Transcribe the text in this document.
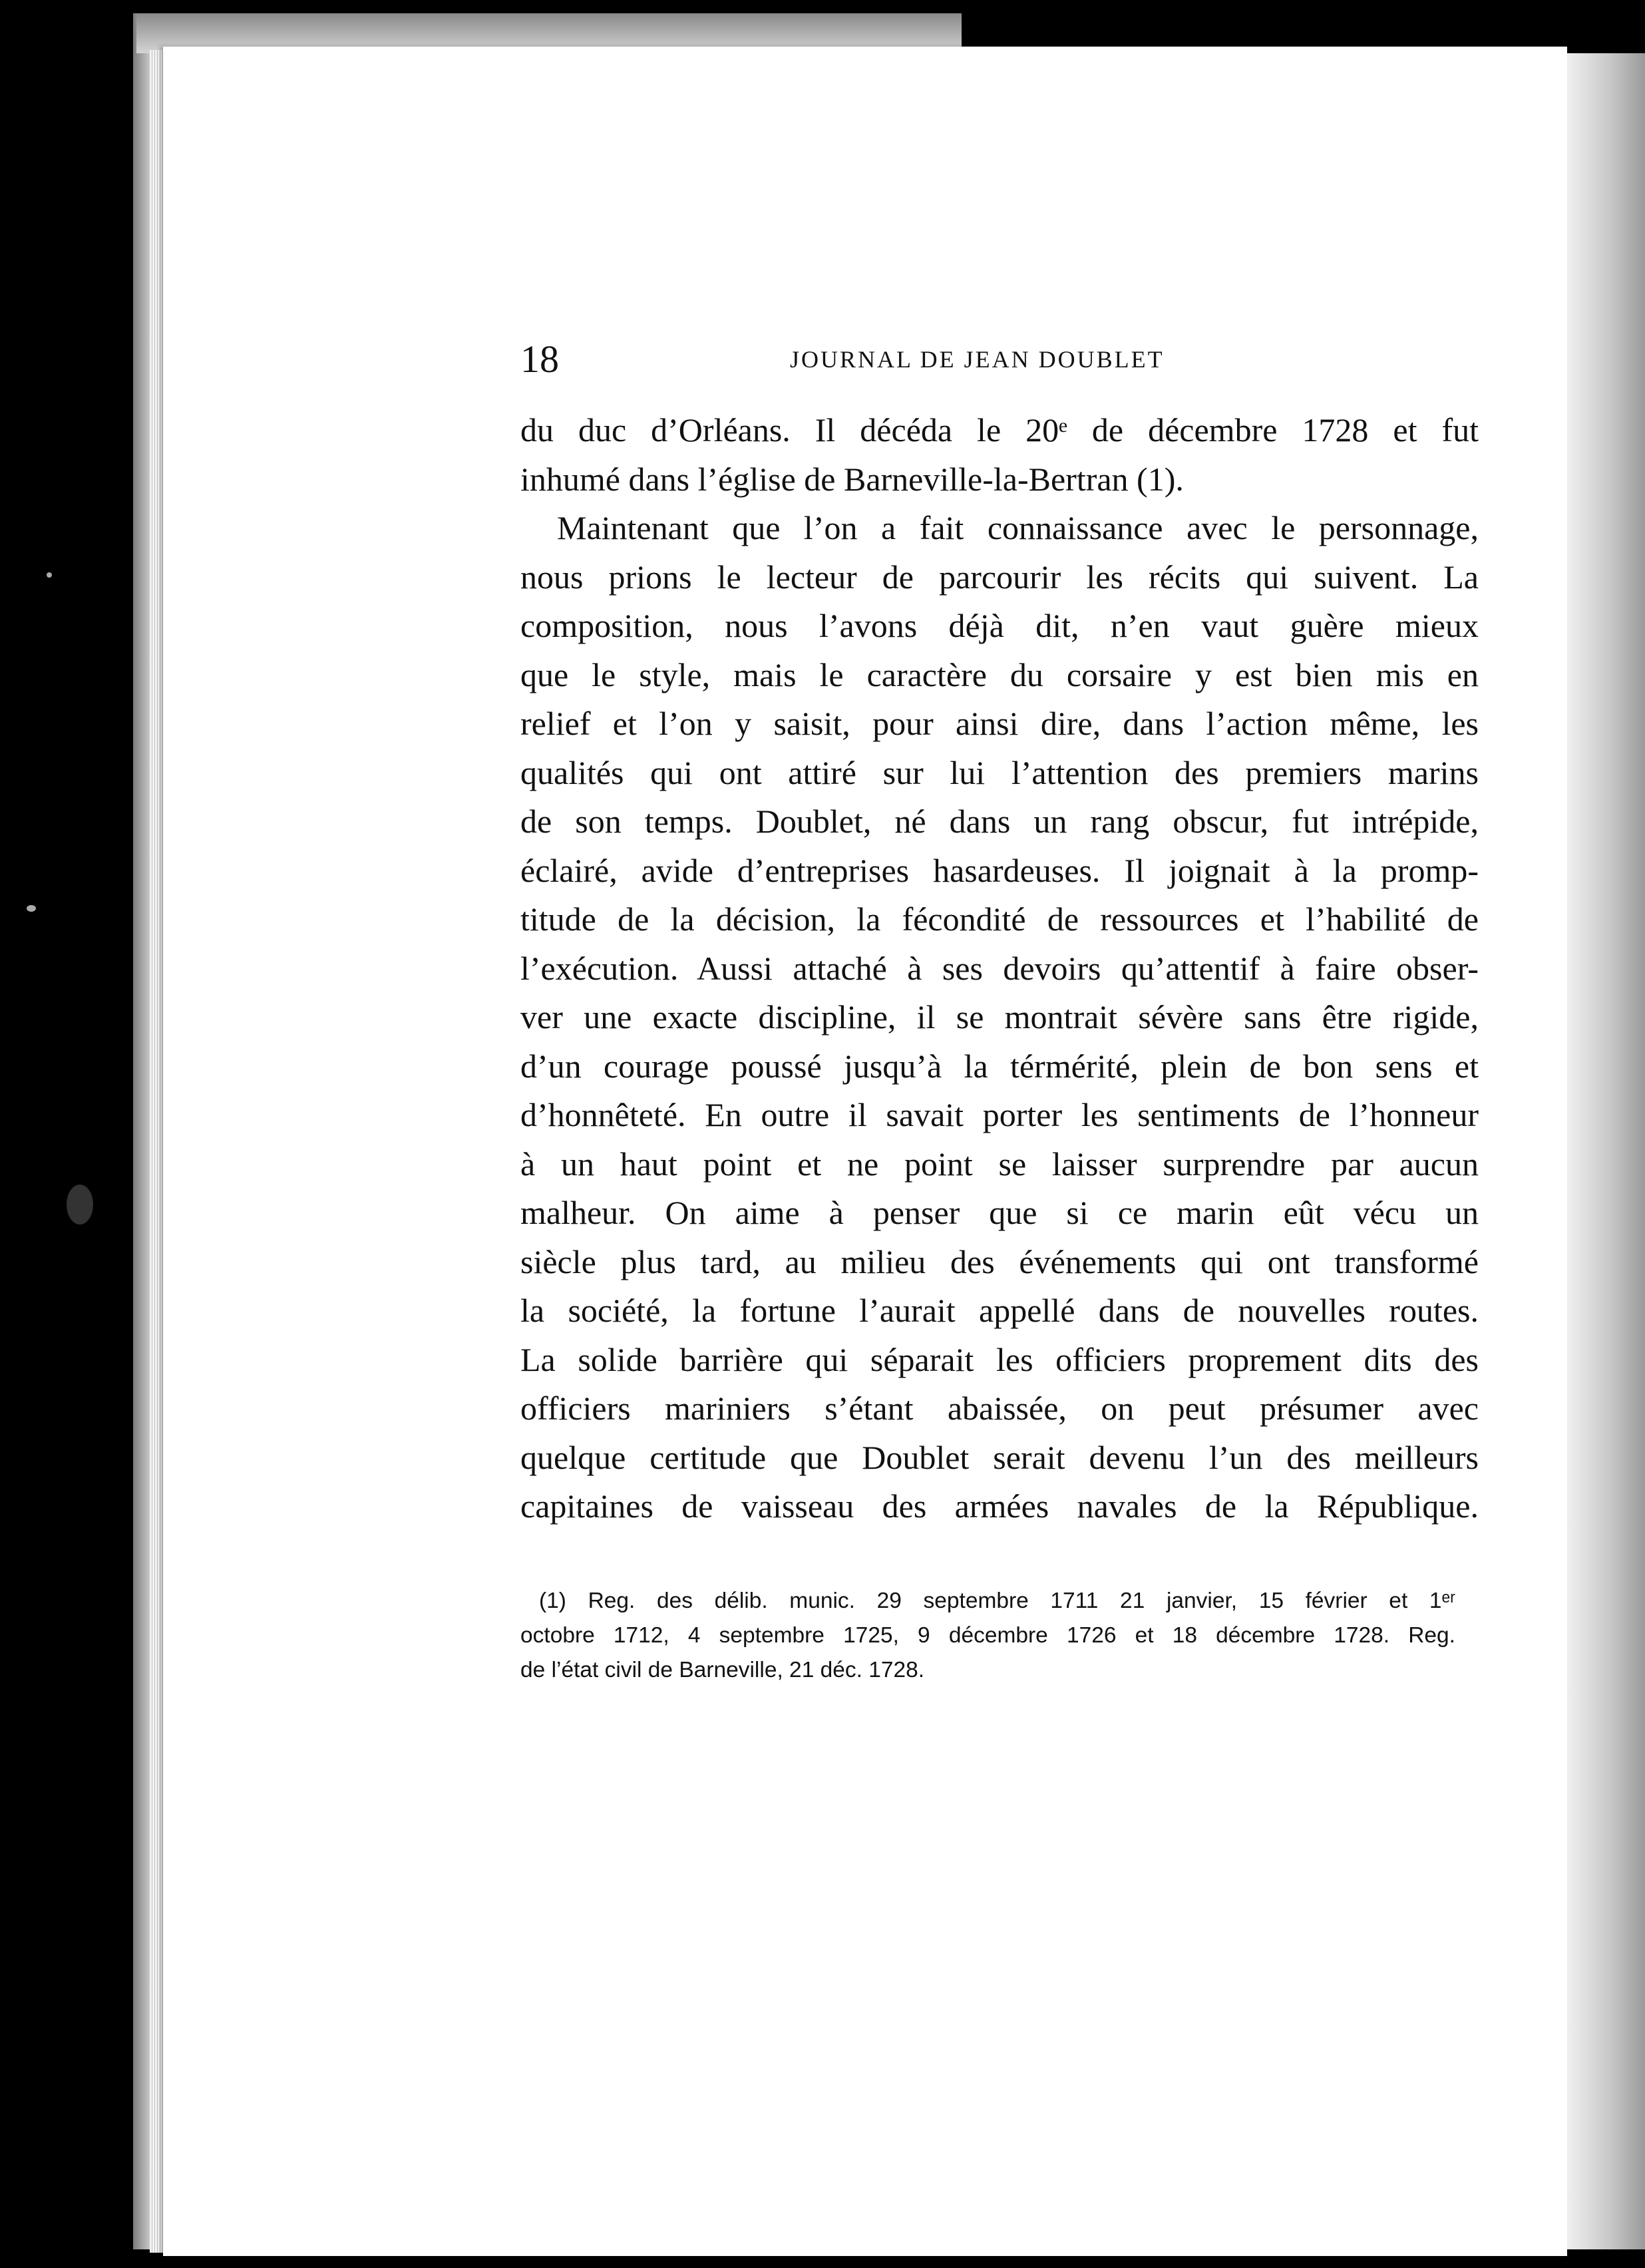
18	JOURNAL DE JEAN DOUBLET
du duc d’Orléans. Il décéda le 20ᵉ de décembre 1728 et fut
inhumé dans l’église de Barneville-la-Bertran (1).
Maintenant que l’on a fait connaissance avec le personnage,
nous prions le lecteur de parcourir les récits qui suivent. La
composition, nous l’avons déjà dit, n’en vaut guère mieux
que le style, mais le caractère du corsaire y est bien mis en
relief et l’on y saisit, pour ainsi dire, dans l’action même, les
qualités qui ont attiré sur lui l’attention des premiers marins
de son temps. Doublet, né dans un rang obscur, fut intrépide,
éclairé, avide d’entreprises hasardeuses. Il joignait à la promp-
titude de la décision, la fécondité de ressources et l’habilité de
l’exécution. Aussi attaché à ses devoirs qu’attentif à faire obser-
ver une exacte discipline, il se montrait sévère sans être rigide,
d’un courage poussé jusqu’à la térmérité, plein de bon sens et
d’honnêteté. En outre il savait porter les sentiments de l’honneur
à un haut point et ne point se laisser surprendre par aucun
malheur. On aime à penser que si ce marin eût vécu un
siècle plus tard, au milieu des événements qui ont transformé
la société, la fortune l’aurait appellé dans de nouvelles routes.
La solide barrière qui séparait les officiers proprement dits des
officiers mariniers s’étant abaissée, on peut présumer avec
quelque certitude que Doublet serait devenu l’un des meilleurs
capitaines de vaisseau des armées navales de la République.
(1) Reg. des délib. munic. 29 septembre 1711 21 janvier, 15 février et 1ᵉʳ
octobre 1712, 4 septembre 1725, 9 décembre 1726 et 18 décembre 1728. Reg.
de l’état civil de Barneville, 21 déc. 1728.
